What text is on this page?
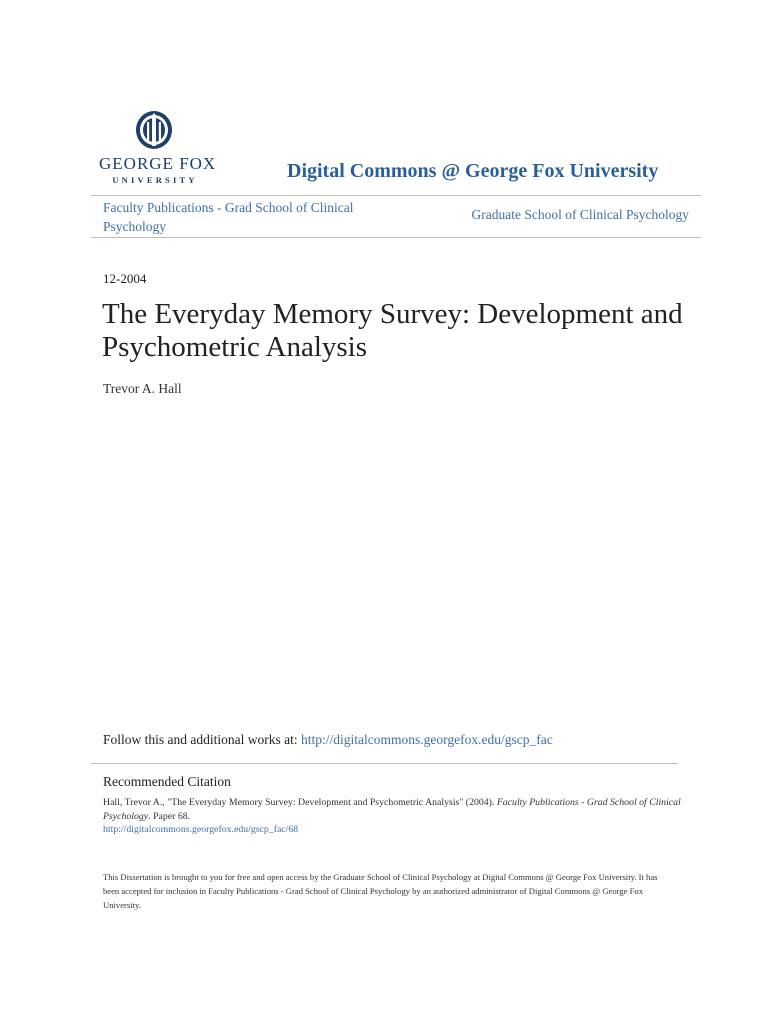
GEORGE FOX
UNIVERSITY	Digital Commons @ George Fox University
Faculty Publications - Grad School of Clinical Psychology
Graduate School of Clinical Psychology
12-2004
The Everyday Memory Survey: Development and Psychometric Analysis
Trevor A. Hall
Follow this and additional works at: http://digitalcommons.georgefox.edu/gscp_fac
Recommended Citation
Hall, Trevor A., "The Everyday Memory Survey: Development and Psychometric Analysis" (2004). Faculty Publications - Grad School of Clinical Psychology. Paper 68.
http://digitalcommons.georgefox.edu/gscp_fac/68
This Dissertation is brought to you for free and open access by the Graduate School of Clinical Psychology at Digital Commons @ George Fox University. It has been accepted for inclusion in Faculty Publications - Grad School of Clinical Psychology by an authorized administrator of Digital Commons @ George Fox University.
